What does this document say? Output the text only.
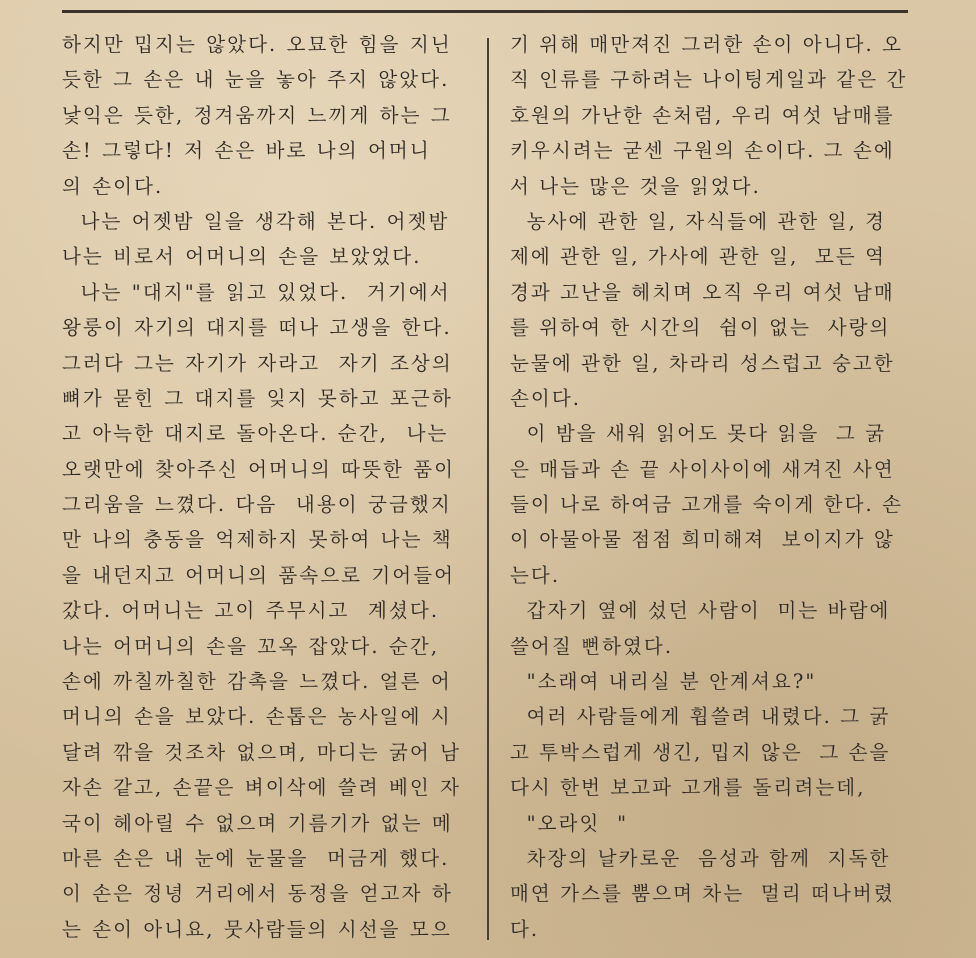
하지만 밉지는 않았다. 오묘한 힘을 지닌
듯한 그 손은 내 눈을 놓아 주지 않았다.
낯익은 듯한, 정겨움까지 느끼게 하는 그
손! 그렇다! 저 손은 바로 나의 어머니
의 손이다.
나는 어젯밤 일을 생각해 본다. 어젯밤
나는 비로서 어머니의 손을 보았었다.
나는 "대지"를 읽고 있었다.  거기에서
왕룽이 자기의 대지를 떠나 고생을 한다.
그러다 그는 자기가 자라고  자기 조상의
뼈가 묻힌 그 대지를 잊지 못하고 포근하
고 아늑한 대지로 돌아온다. 순간,  나는
오랫만에 찾아주신 어머니의 따뜻한 품이
그리움을 느꼈다. 다음  내용이 궁금했지
만 나의 충동을 억제하지 못하여 나는 책
을 내던지고 어머니의 품속으로 기어들어
갔다. 어머니는 고이 주무시고  계셨다.
나는 어머니의 손을 꼬옥 잡았다. 순간,
손에 까칠까칠한 감촉을 느꼈다. 얼른 어
머니의 손을 보았다. 손톱은 농사일에 시
달려 깎을 것조차 없으며, 마디는 굵어 남
자손 같고, 손끝은 벼이삭에 쓸려 베인 자
국이 헤아릴 수 없으며 기름기가 없는 메
마른 손은 내 눈에 눈물을  머금게 했다.
이 손은 정녕 거리에서 동정을 얻고자 하
는 손이 아니요, 뭇사람들의 시선을 모으
기 위해 매만져진 그러한 손이 아니다. 오
직 인류를 구하려는 나이팅게일과 같은 간
호원의 가난한 손처럼, 우리 여섯 남매를
키우시려는 굳센 구원의 손이다. 그 손에
서 나는 많은 것을 읽었다.
농사에 관한 일, 자식들에 관한 일, 경
제에 관한 일, 가사에 관한 일,  모든 역
경과 고난을 헤치며 오직 우리 여섯 남매
를 위하여 한 시간의  쉼이 없는  사랑의
눈물에 관한 일, 차라리 성스럽고 숭고한
손이다.
이 밤을 새워 읽어도 못다 읽을  그 굵
은 매듭과 손 끝 사이사이에 새겨진 사연
들이 나로 하여금 고개를 숙이게 한다. 손
이 아물아물 점점 희미해져  보이지가 않
는다.
갑자기 옆에 섰던 사람이  미는 바람에
쓸어질 뻔하였다.
"소래여 내리실 분 안계셔요?"
여러 사람들에게 휩쓸려 내렸다. 그 굵
고 투박스럽게 생긴, 밉지 않은  그 손을
다시 한번 보고파 고개를 돌리려는데,
"오라잇  "
차장의 날카로운  음성과 함께  지독한
매연 가스를 뿜으며 차는  멀리 떠나버렸
다.
